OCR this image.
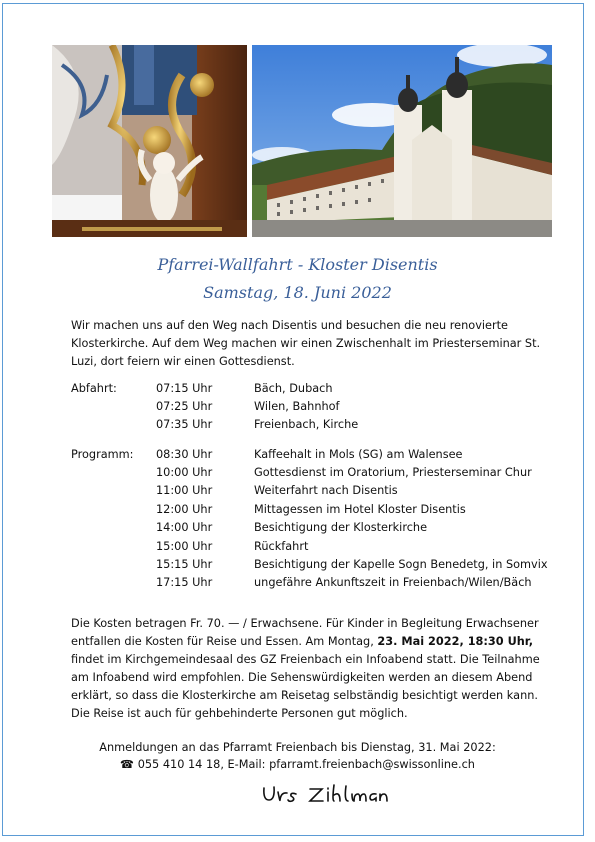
Pfarrei-Wallfahrt - Kloster Disentis
Samstag, 18. Juni 2022
Wir machen uns auf den Weg nach Disentis und besuchen die neu renovierte Klosterkirche. Auf dem Weg machen wir einen Zwischenhalt im Priesterseminar St. Luzi, dort feiern wir einen Gottesdienst.
Abfahrt:	07:15 Uhr	Bäch, Dubach
07:25 Uhr	Wilen, Bahnhof
07:35 Uhr	Freienbach, Kirche
Programm: 08:30 Uhr	Kaffeehalt in Mols (SG) am Walensee
10:00 Uhr	Gottesdienst im Oratorium, Priesterseminar Chur
11:00 Uhr	Weiterfahrt nach Disentis
12:00 Uhr	Mittagessen im Hotel Kloster Disentis
14:00 Uhr	Besichtigung der Klosterkirche
15:00 Uhr	Rückfahrt
15:15 Uhr	Besichtigung der Kapelle Sogn Benedetg, in Somvix
17:15 Uhr	ungefähre Ankunftszeit in Freienbach/Wilen/Bäch
Die Kosten betragen Fr. 70. — / Erwachsene. Für Kinder in Begleitung Erwachsener entfallen die Kosten für Reise und Essen. Am Montag, 23. Mai 2022, 18:30 Uhr, findet im Kirchgemeindesaal des GZ Freienbach ein Infoabend statt. Die Teilnahme am Infoabend wird empfohlen. Die Sehenswürdigkeiten werden an diesem Abend erklärt, so dass die Klosterkirche am Reisetag selbständig besichtigt werden kann. Die Reise ist auch für gehbehinderte Personen gut möglich.
Anmeldungen an das Pfarramt Freienbach bis Dienstag, 31. Mai 2022:
☎ 055 410 14 18, E-Mail: pfarramt.freienbach@swissonline.ch
